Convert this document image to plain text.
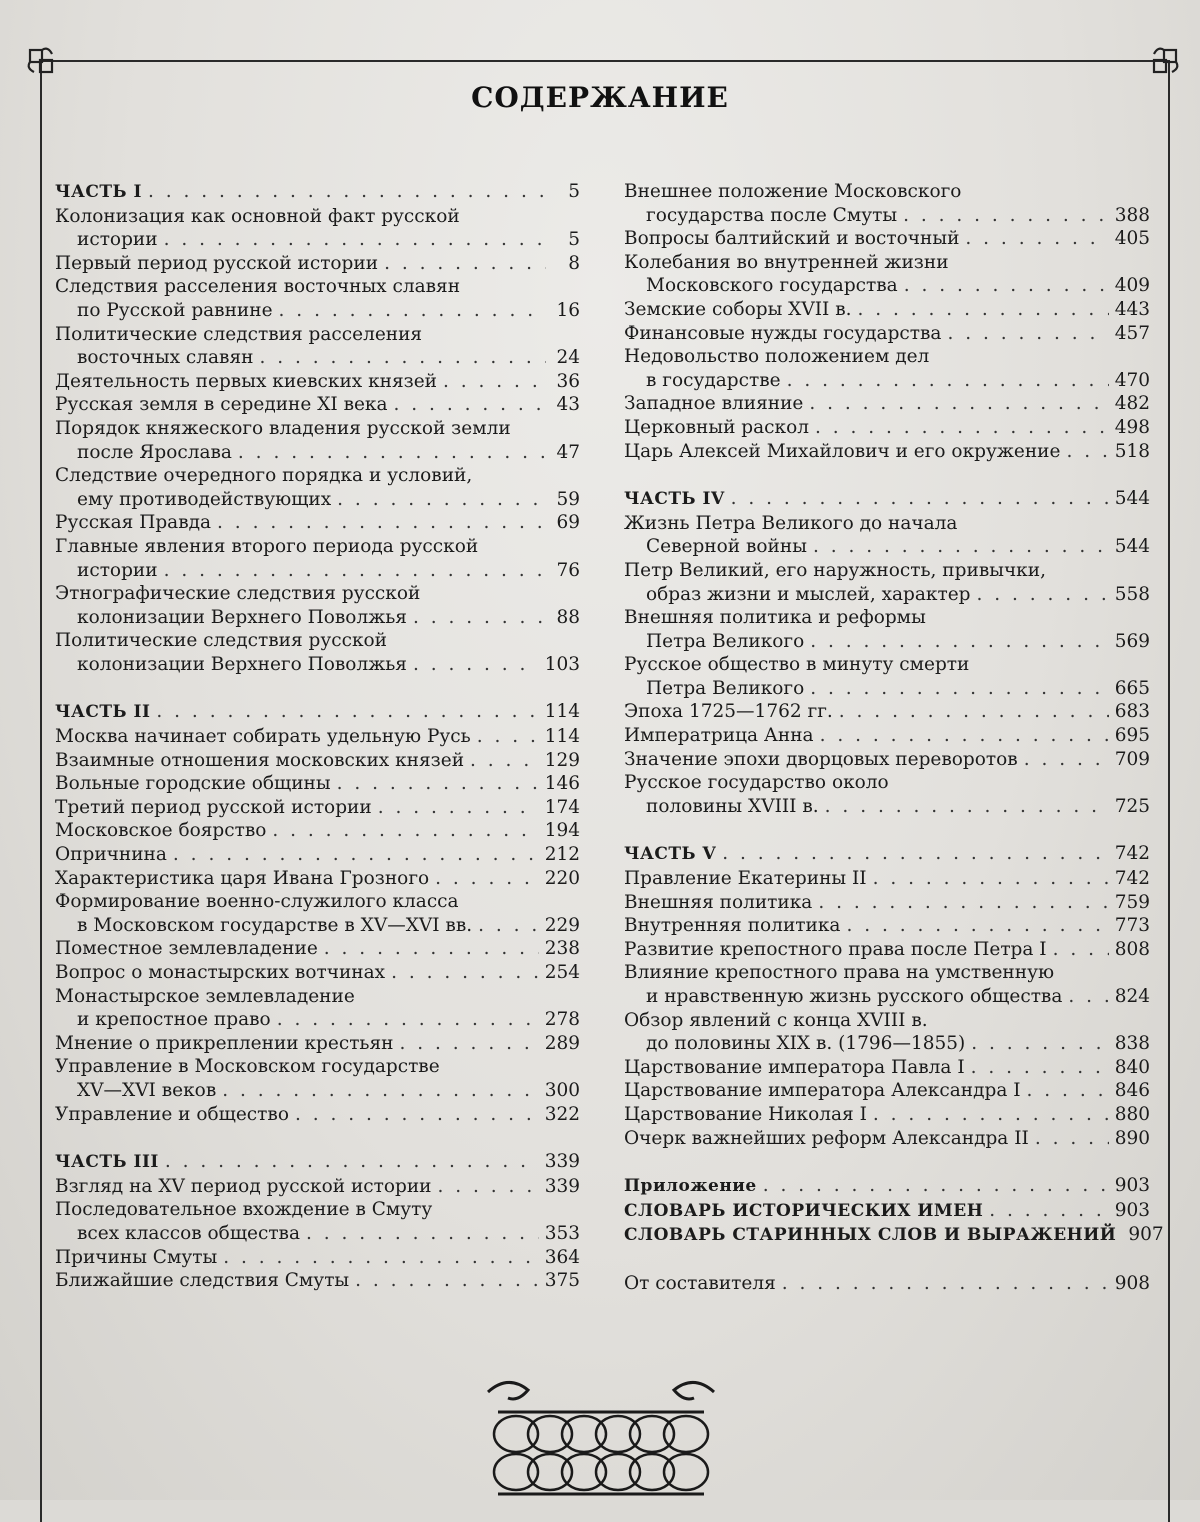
содержание
ЧАСТЬ I . . .	5
Колонизация как основной факт русской
истории . . .	5
Первый период русской истории . . .	8
Следствия расселения восточных славян
по Русской равнине . . .	16
Политические следствия расселения
восточных славян . . .	24
Деятельность первых киевских князей . . .	36
Русская земля в середине XI века . . .	43
Порядок княжеского владения русской земли
после Ярослава . . .	47
Следствие очередного порядка и условий,
ему противодействующих . . .	59
Русская Правда . . .	69
Главные явления второго периода русской
истории . . .	76
Этнографические следствия русской
колонизации Верхнего Поволжья . . .	88
Политические следствия русской
колонизации Верхнего Поволжья . . .	103
ЧАСТЬ II . . .	114
Москва начинает собирать удельную Русь . . .	114
Взаимные отношения московских князей . . .	129
Вольные городские общины . . .	146
Третий период русской истории . . .	174
Московское боярство . . .	194
Опричнина . . .	212
Характеристика царя Ивана Грозного . . .	220
Формирование военно-служилого класса
в Московском государстве в XV—XVI вв. . . .	229
Поместное землевладение . . .	238
Вопрос о монастырских вотчинах . . .	254
Монастырское землевладение
и крепостное право . . .	278
Мнение о прикреплении крестьян . . .	289
Управление в Московском государстве
XV—XVI веков . . .	300
Управление и общество . . .	322
ЧАСТЬ III . . .	339
Взгляд на XV период русской истории . . .	339
Последовательное вхождение в Смуту
всех классов общества . . .	353
Причины Смуты . . .	364
Ближайшие следствия Смуты . . .	375
Внешнее положение Московского
государства после Смуты . . .	388
Вопросы балтийский и восточный . . .	405
Колебания во внутренней жизни
Московского государства . . .	409
Земские соборы XVII в. . . .	443
Финансовые нужды государства . . .	457
Недовольство положением дел
в государстве . . .	470
Западное влияние . . .	482
Церковный раскол . . .	498
Царь Алексей Михайлович и его окружение . . .	518
ЧАСТЬ IV . . .	544
Жизнь Петра Великого до начала
Северной войны . . .	544
Петр Великий, его наружность, привычки,
образ жизни и мыслей, характер . . .	558
Внешняя политика и реформы
Петра Великого . . .	569
Русское общество в минуту смерти
Петра Великого . . .	665
Эпоха 1725—1762 гг. . . .	683
Императрица Анна . . .	695
Значение эпохи дворцовых переворотов . . .	709
Русское государство около
половины XVIII в. . . .	725
ЧАСТЬ V . . .	742
Правление Екатерины II . . .	742
Внешняя политика . . .	759
Внутренняя политика . . .	773
Развитие крепостного права после Петра I . . .	808
Влияние крепостного права на умственную
и нравственную жизнь русского общества . . .	824
Обзор явлений с конца XVIII в.
до половины XIX в. (1796—1855) . . .	838
Царствование императора Павла I . . .	840
Царствование императора Александра I . . .	846
Царствование Николая I . . .	880
Очерк важнейших реформ Александра II . . .	890
Приложение . . .	903
СЛОВАРЬ ИСТОРИЧЕСКИХ ИМЕН . . .	903
СЛОВАРЬ СТАРИННЫХ СЛОВ И ВЫРАЖЕНИЙ 907
От составителя . . .	908
